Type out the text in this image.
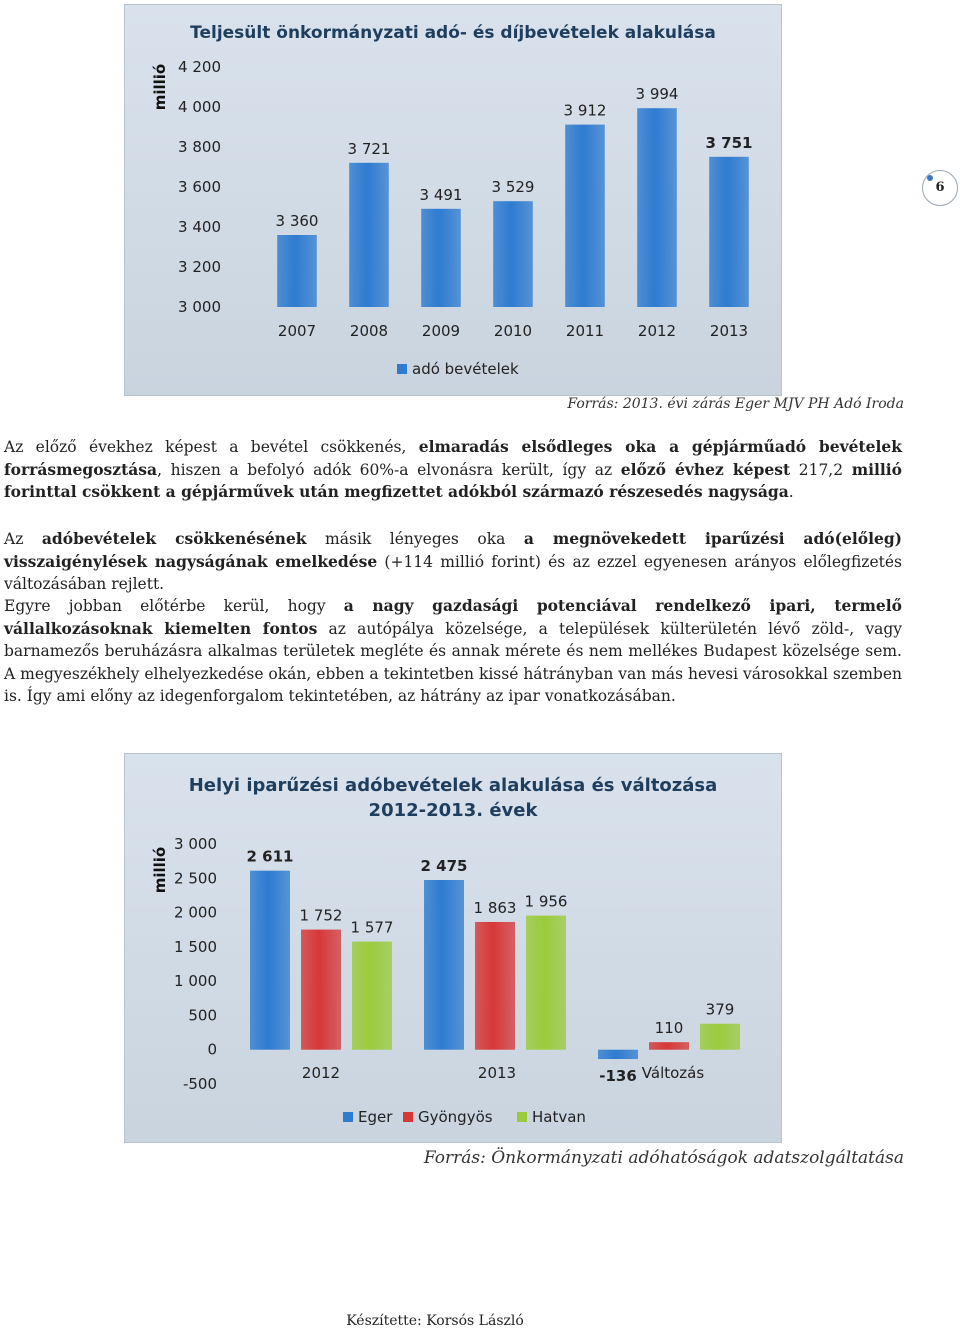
6
Teljesült önkormányzati adó- és díjbevételek alakulása
millió
3 000
3 200
3 400
3 600
3 800
4 000
4 200
3 360
2007
3 721
2008
3 491
2009
3 529
2010
3 912
2011
3 994
2012
3 751
2013
adó bevételek
Forrás: 2013. évi zárás Eger MJV PH Adó Iroda
Az előző évekhez képest a bevétel csökkenés, elmaradás elsődleges oka a gépjárműadó bevételek forrásmegosztása, hiszen a befolyó adók 60%-a elvonásra került, így az előző évhez képest 217,2 millió forinttal csökkent a gépjárművek után megfizettet adókból származó részesedés nagysága.
Az adóbevételek csökkenésének másik lényeges oka a megnövekedett iparűzési adó(előleg) visszaigénylések nagyságának emelkedése (+114 millió forint) és az ezzel egyenesen arányos előlegfizetés változásában rejlett.
Egyre jobban előtérbe kerül, hogy a nagy gazdasági potenciával rendelkező ipari, termelő vállalkozásoknak kiemelten fontos az autópálya közelsége, a települések külterületén lévő zöld-, vagy barnamezős beruházásra alkalmas területek megléte és annak mérete és nem mellékes Budapest közelsége sem. A megyeszékhely elhelyezkedése okán, ebben a tekintetben kissé hátrányban van más hevesi városokkal szemben is. Így ami előny az idegenforgalom tekintetében, az hátrány az ipar vonatkozásában.
Helyi iparűzési adóbevételek alakulása és változása
2012-2013. évek
millió
-500
0
500
1 000
1 500
2 000
2 500
3 000
2 611
1 752
1 577
2 475
1 863 1 956
-136
110
379
2012	2013	Változás
Eger Gyöngyös	Hatvan
Forrás: Önkormányzati adóhatóságok adatszolgáltatása
Készítette: Korsós László
